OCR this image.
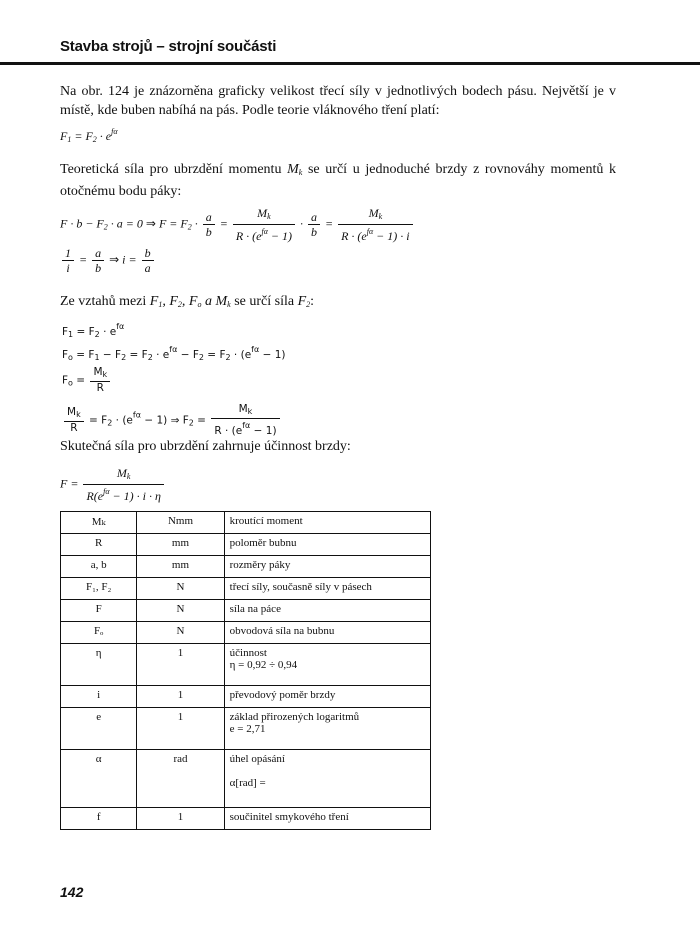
Stavba strojů – strojní součásti
Na obr. 124 je znázorněna graficky velikost třecí síly v jednotlivých bodech pásu. Největší je v místě, kde buben nabíhá na pás. Podle teorie vláknového tření platí:
$F_1 = F_2 \cdot e^{f\alpha}$
Teoretická síla pro ubrzdění momentu $M_k$ se určí u jednoduché brzdy z rovnováhy momentů k otočnému bodu páky:
$F \cdot b - F_2 \cdot a = 0$ ⇒ $F = F_2 \cdot \frac{a}{b} = \frac{M_k}{R \cdot (e^{f\alpha} - 1)} \cdot \frac{a}{b} = \frac{M_k}{R \cdot (e^{f\alpha} - 1) \cdot i}$
$\frac{1}{i} = \frac{a}{b}$ ⇒ $i = \frac{b}{a}$
Ze vztahů mezi $F_1$, $F_2$, $F_o$ a $M_k$ se určí síla $F_2$:
$F_1 = F_2 \cdot e^{f\alpha}$
$F_o = F_1 - F_2 = F_2 \cdot e^{f\alpha} - F_2 = F_2 \cdot (e^{f\alpha} - 1)$
$F_o = \frac{M_k}{R}$
$\frac{M_k}{R} = F_2 \cdot (e^{f\alpha} - 1)$ ⇒ $F_2 = \frac{M_k}{R \cdot (e^{f\alpha} - 1)}$
Skutečná síla pro ubrzdění zahrnuje účinnost brzdy:
$F = \frac{M_k}{R(e^{f\alpha} - 1) \cdot i \cdot \eta}$
Mₖ	Nmm	kroutící moment

R	mm	poloměr bubnu

a, b	mm	rozměry páky

F₁, F₂	N	třecí síly, současně síly v pásech

F	N	síla na páce

Fₒ	N	obvodová síla na bubnu

η	1	účinnost
η = 0,92 ÷ 0,94

i	1	převodový poměr brzdy

e	1	základ přirozených logaritmů
e = 2,71

α	rad	úhel opásání

α[rad] =

f	1	součinitel smykového tření
142
